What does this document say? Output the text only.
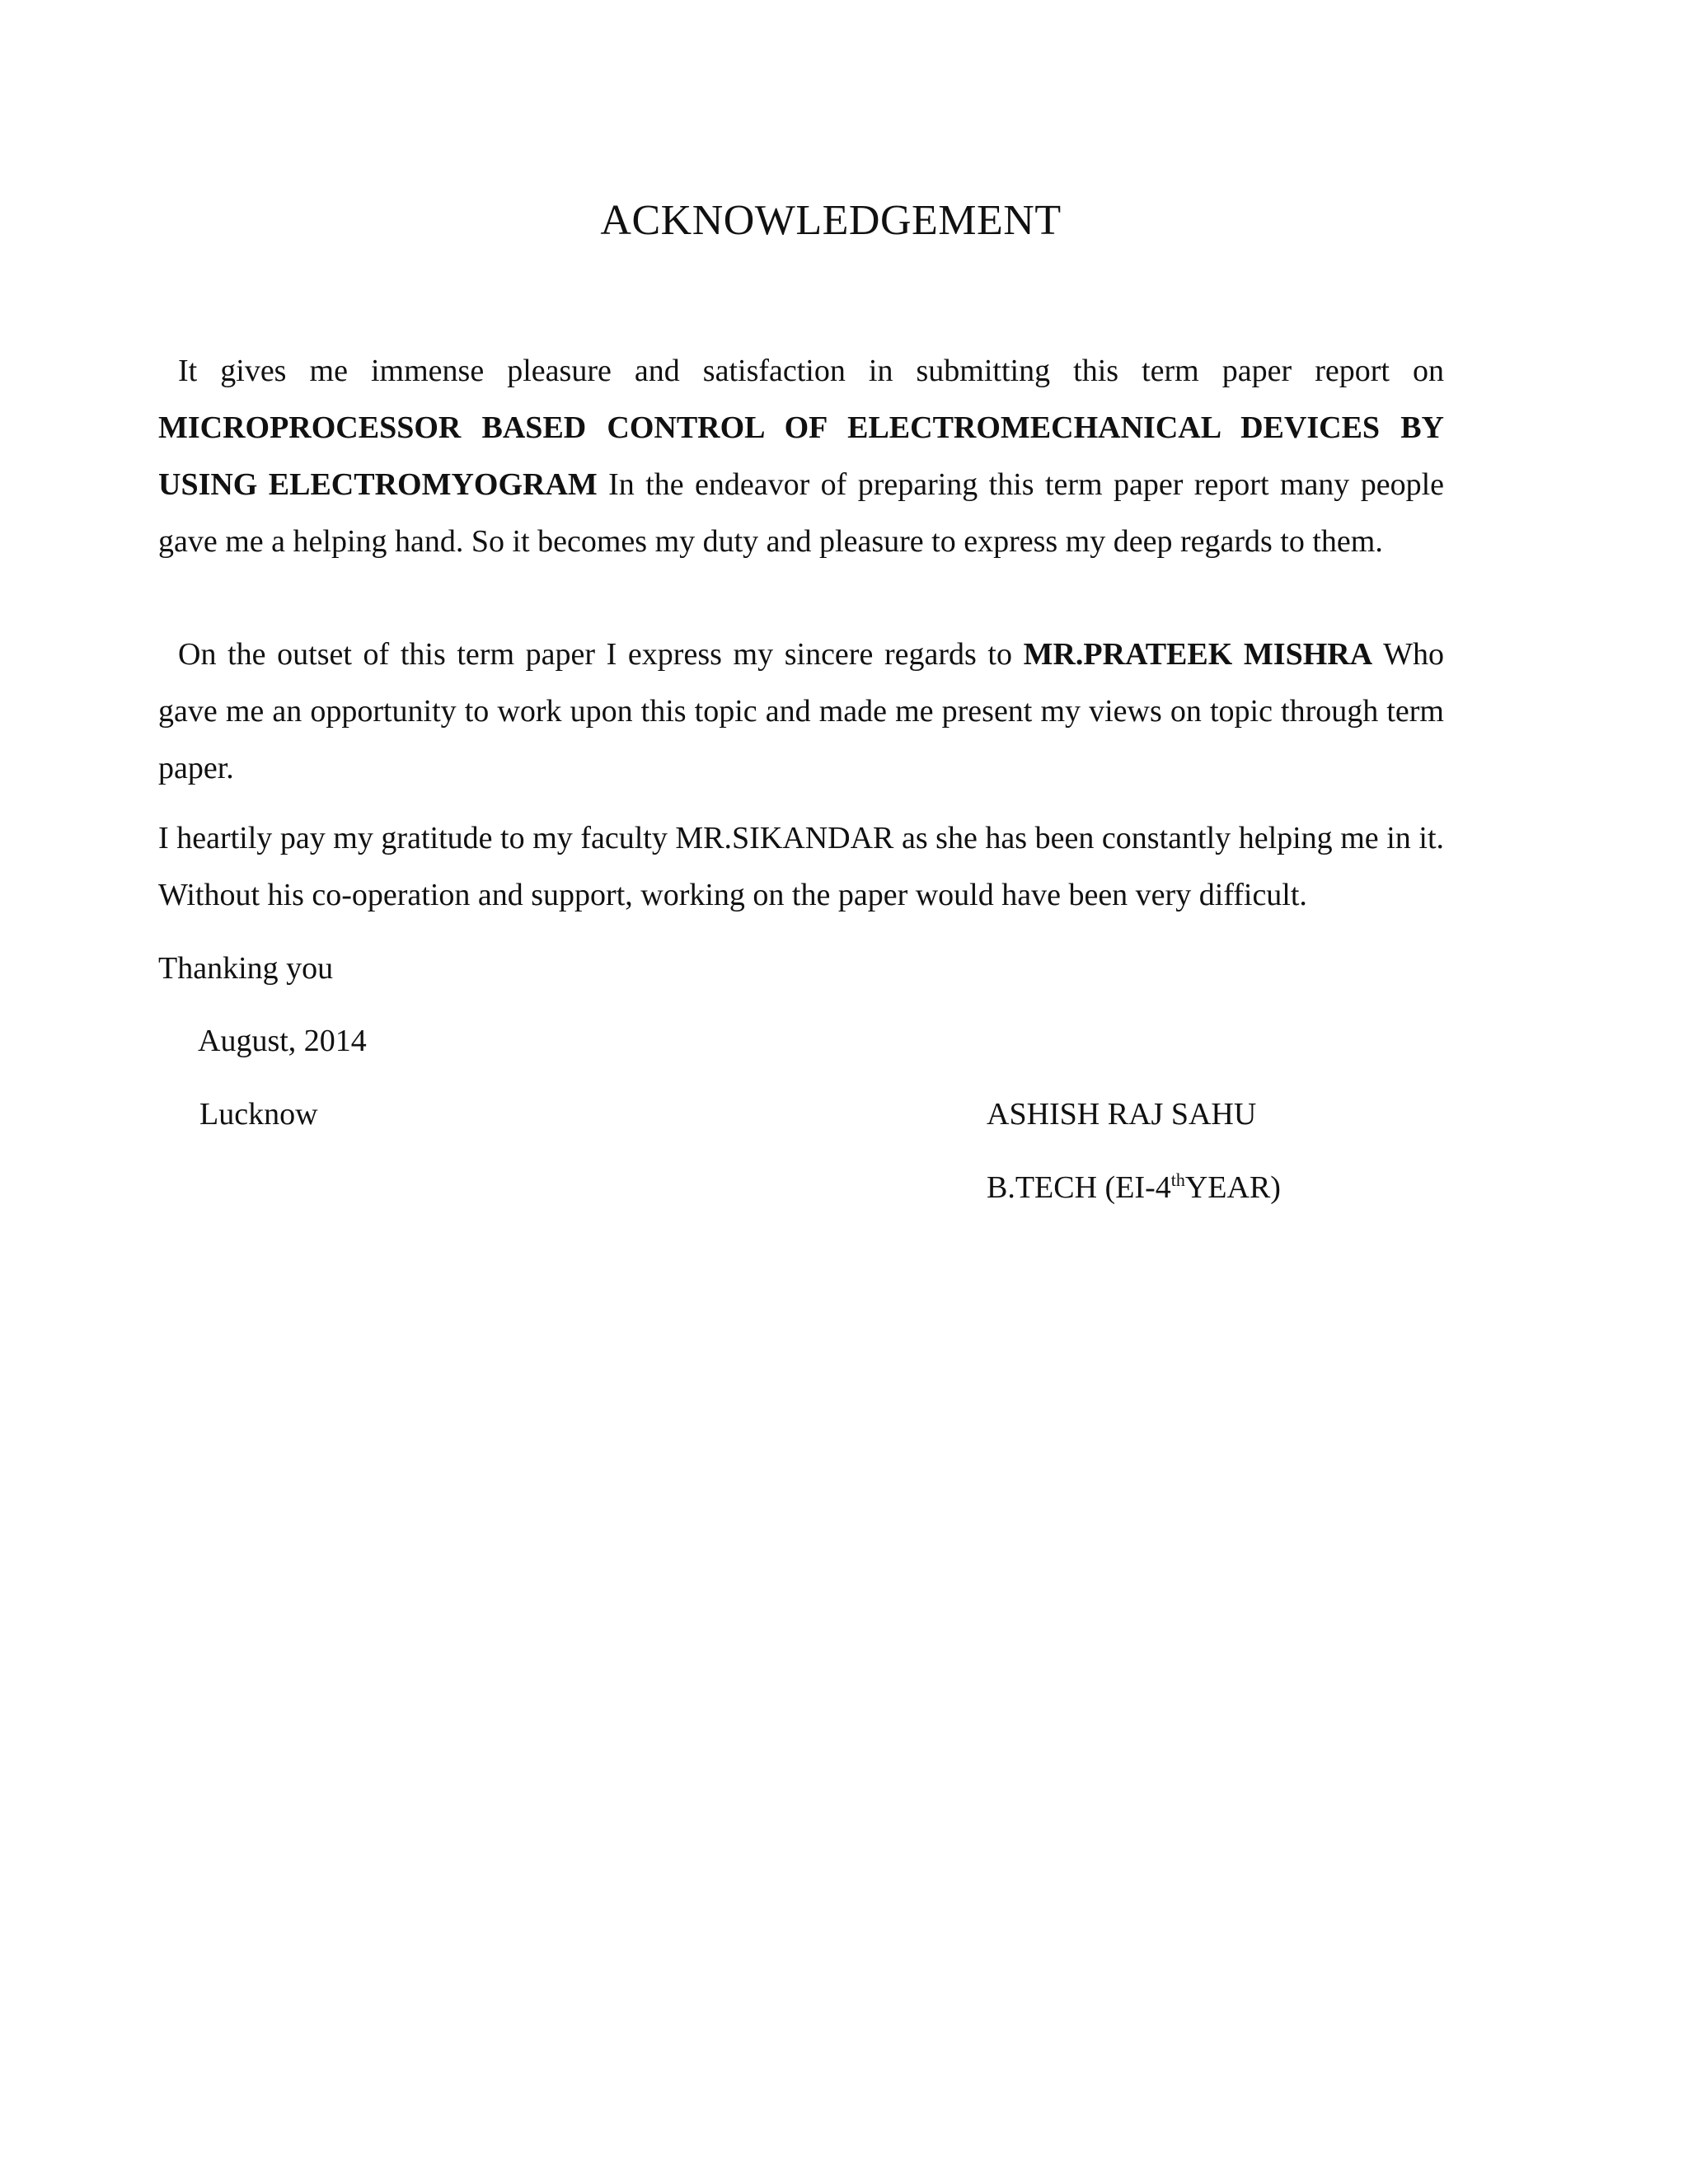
ACKNOWLEDGEMENT

It gives me immense pleasure and satisfaction in submitting this term paper report on MICROPROCESSOR BASED CONTROL OF ELECTROMECHANICAL DEVICES BY USING ELECTROMYOGRAM In the endeavor of preparing this term paper report many people gave me a helping hand. So it becomes my duty and pleasure to express my deep regards to them.

On the outset of this term paper I express my sincere regards to MR.PRATEEK MISHRA Who gave me an opportunity to work upon this topic and made me present my views on topic through term paper.

I heartily pay my gratitude to my faculty MR.SIKANDAR as she has been constantly helping me in it. Without his co-operation and support, working on the paper would have been very difficult.

Thanking you

August, 2014

Lucknow	ASHISH RAJ SAHU

B.TECH (EI-4thYEAR)
